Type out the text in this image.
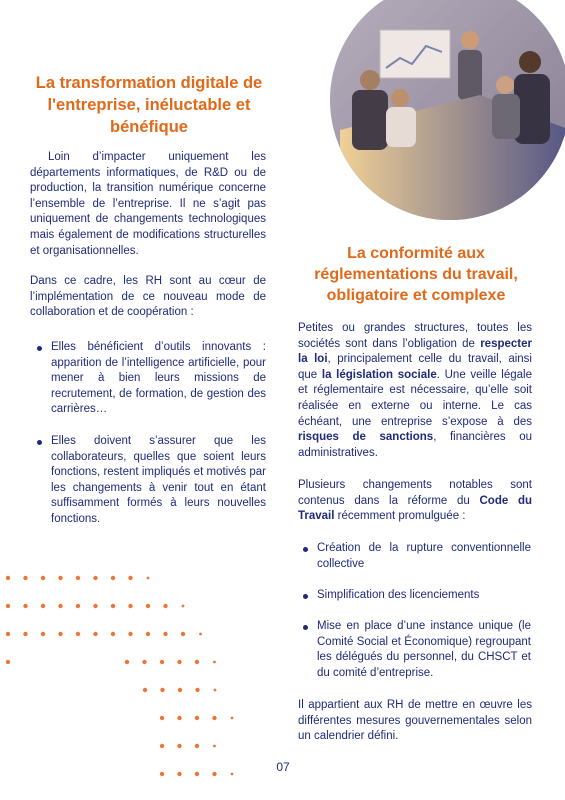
La transformation digitale de l'entreprise, inéluctable et bénéfique

Loin d’impacter uniquement les départements informatiques, de R&D ou de production, la transition numérique concerne l’ensemble de l’entreprise. Il ne s’agit pas uniquement de changements technologiques mais également de modifications structurelles et organisationnelles.

Dans ce cadre, les RH sont au cœur de l’implémentation de ce nouveau mode de collaboration et de coopération :

Elles bénéficient d’outils innovants : apparition de l’intelligence artificielle, pour mener à bien leurs missions de recrutement, de formation, de gestion des carrières…
Elles doivent s’assurer que les collaborateurs, quelles que soient leurs fonctions, restent impliqués et motivés par les changements à venir tout en étant suffisamment formés à leurs nouvelles fonctions.
La conformité aux réglementations du travail, obligatoire et complexe

Petites ou grandes structures, toutes les sociétés sont dans l’obligation de respecter la loi, principalement celle du travail, ainsi que la législation sociale. Une veille légale et réglementaire est nécessaire, qu’elle soit réalisée en externe ou interne. Le cas échéant, une entreprise s’expose à des risques de sanctions, financières ou administratives.

Plusieurs changements notables sont contenus dans la réforme du Code du Travail récemment promulguée :

Création de la rupture conventionnelle collective
Simplification des licenciements
Mise en place d’une instance unique (le Comité Social et Économique) regroupant les délégués du personnel, du CHSCT et du comité d’entreprise.

Il appartient aux RH de mettre en œuvre les différentes mesures gouvernementales selon un calendrier défini.

07
